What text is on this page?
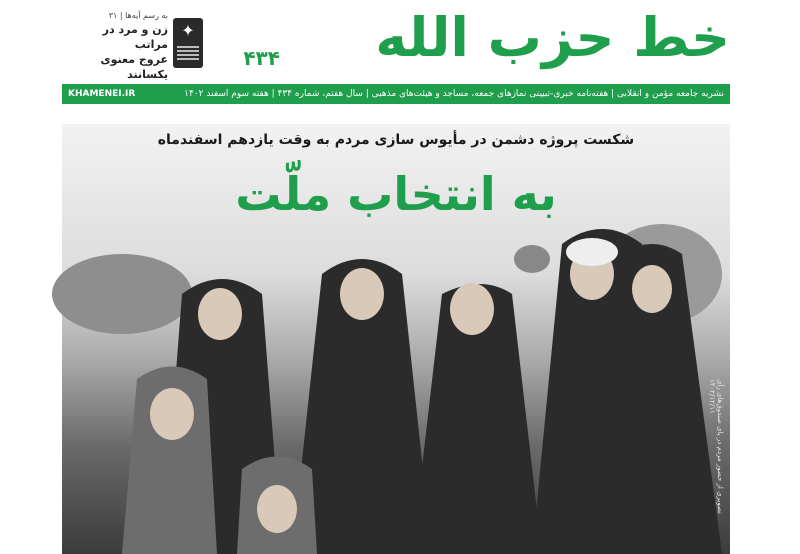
خط حزب الله
۴۳۴
✦
به رسم آیه‌ها | ۳۱
زن و مرد در مراتب
عروج معنوی یکسانند
نشریه جامعه مؤمن و انقلابی | هفته‌نامه خبری-تبیینی نمازهای جمعه، مساجد و هیئت‌های مذهبی | سال هفتم، شماره ۴۳۴ | هفته سوم اسفند ۱۴۰۲
KHAMENEI.IR
شکست پروژه دشمن در مأیوس سازی مردم به وقت یازدهم اسفندماه
به انتخاب ملّت
تصویری از حضور مردم در پای صندوق‌های رأی ۱۴۰۲/۱۲/۱۱
